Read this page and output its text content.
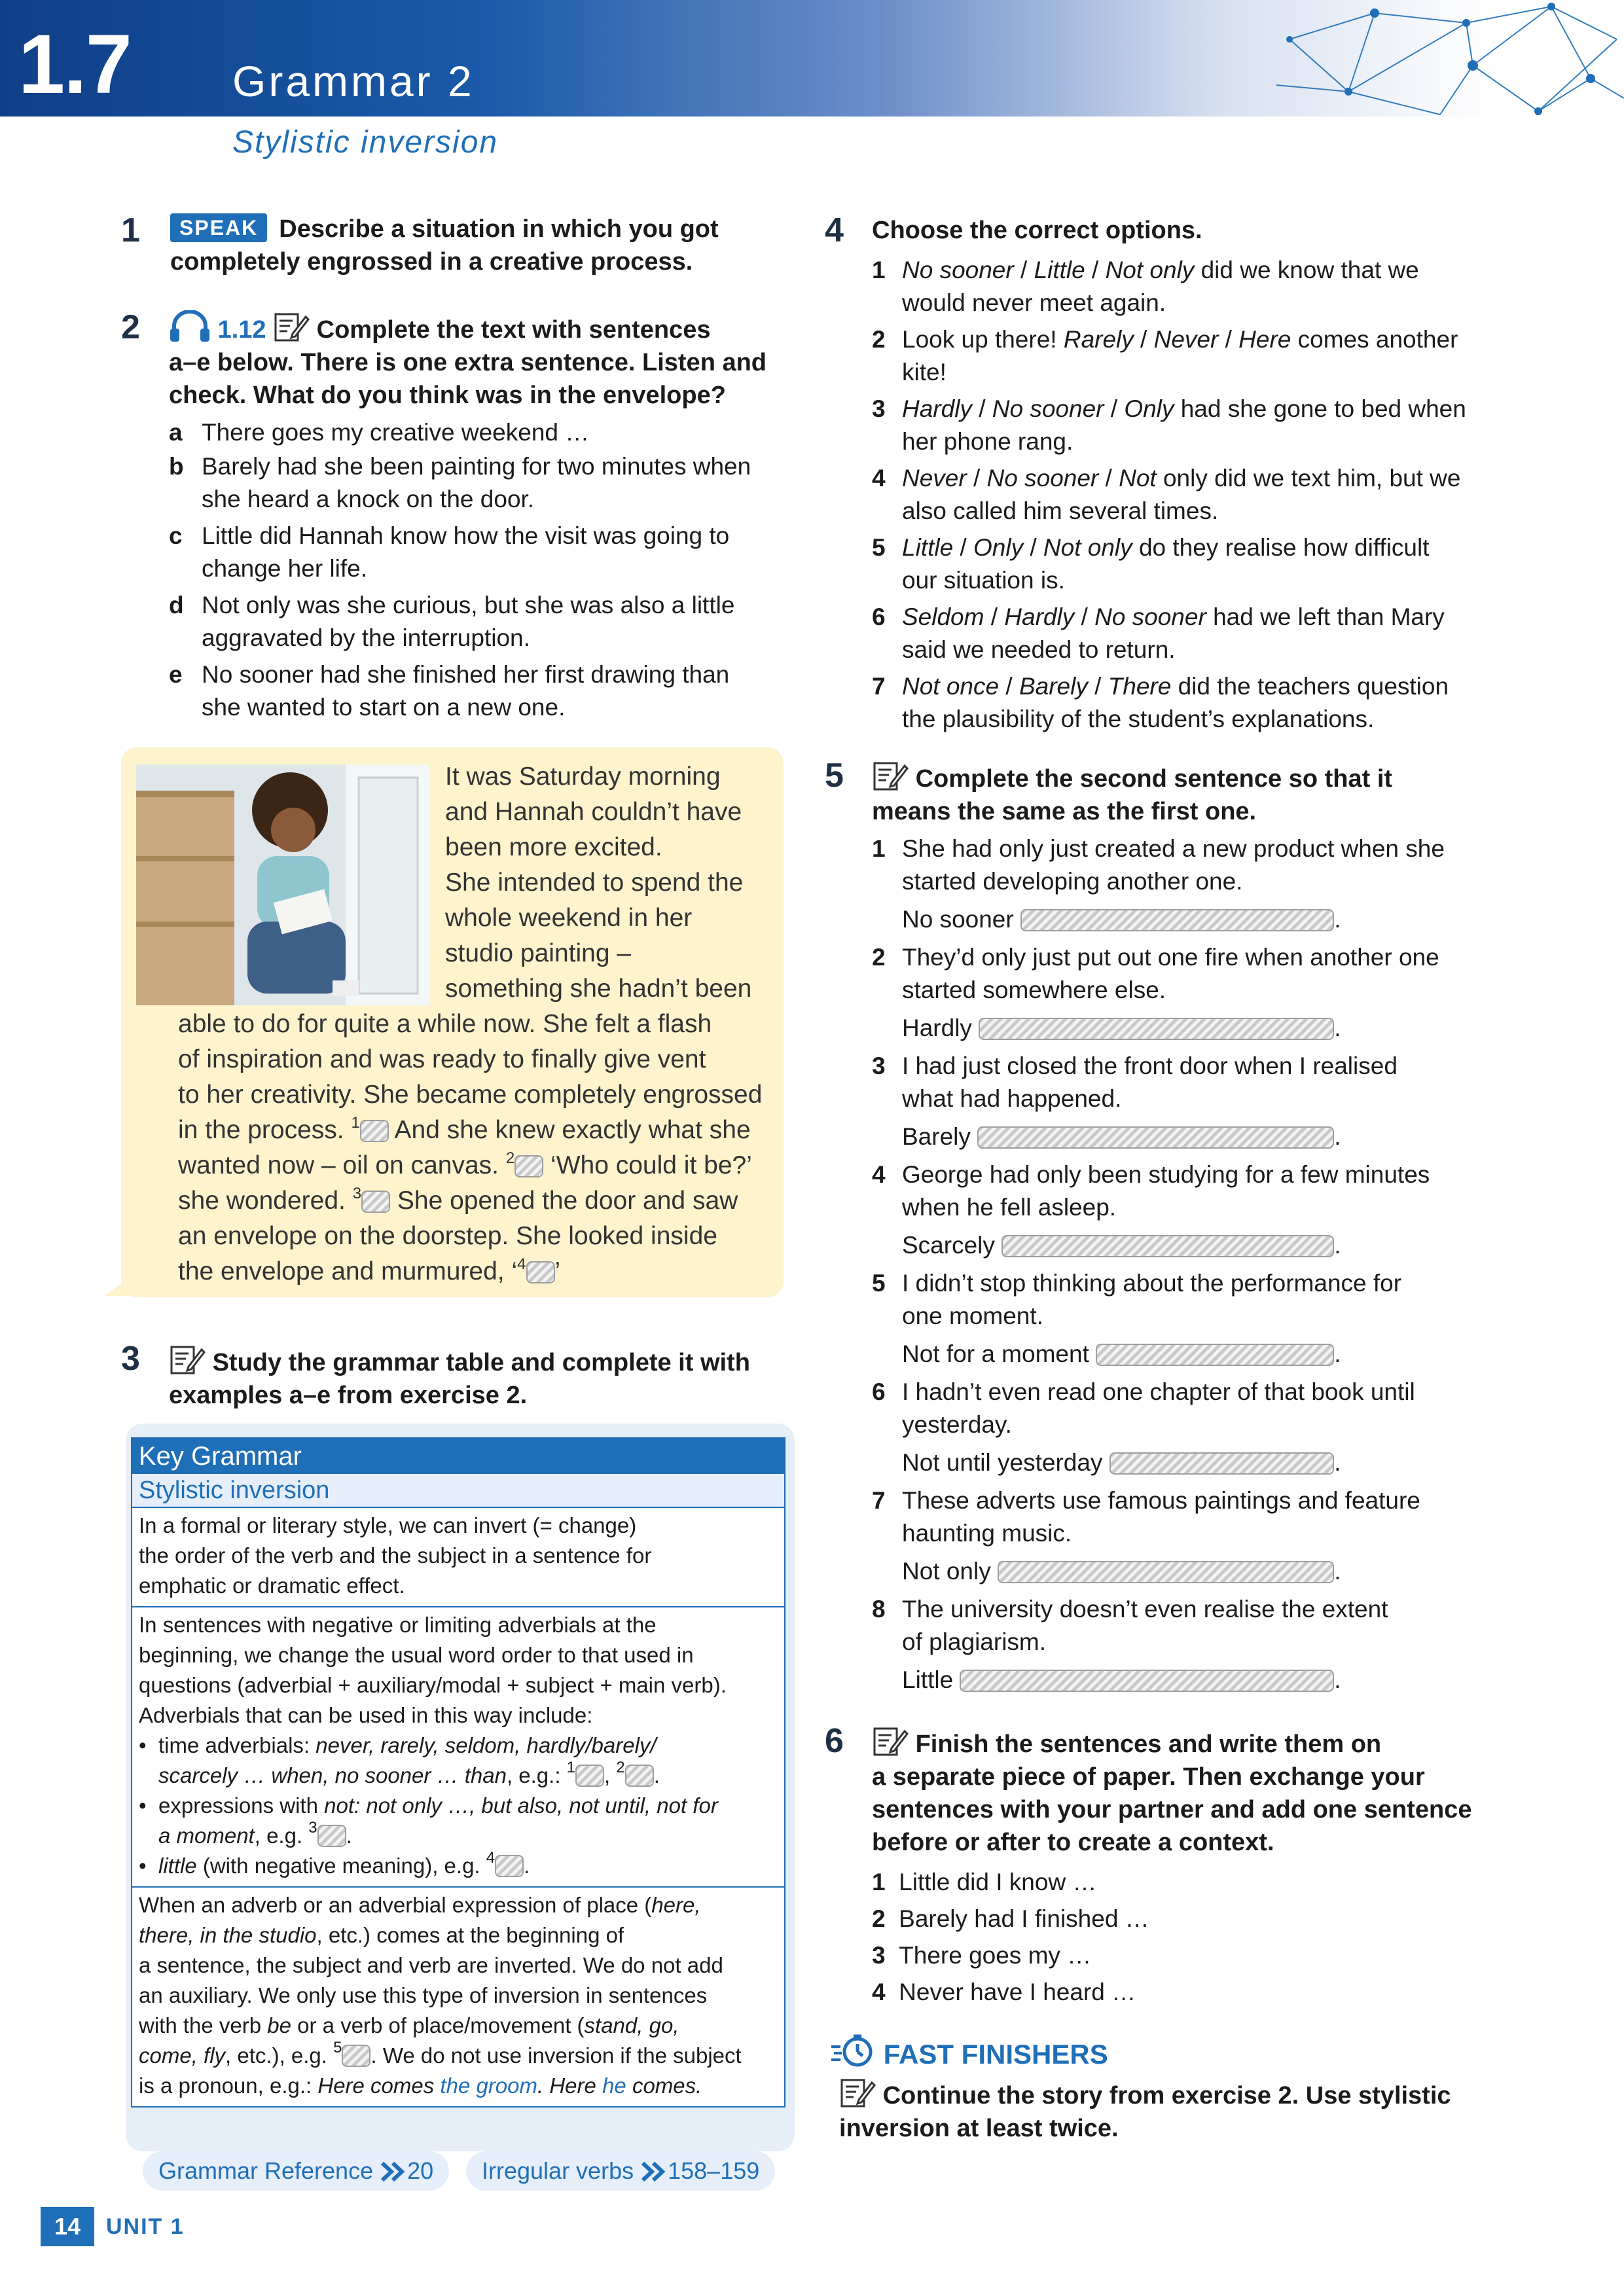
1.7 Grammar 2
Stylistic inversion
1	SPEAK Describe a situation in which you got
completely engrossed in a creative process.
2	1.12 Complete the text with sentences
a–e below. There is one extra sentence. Listen and
check. What do you think was in the envelope?
a There goes my creative weekend …
b Barely had she been painting for two minutes when
she heard a knock on the door.
c Little did Hannah know how the visit was going to
change her life.
d Not only was she curious, but she was also a little
aggravated by the interruption.
e No sooner had she finished her first drawing than
she wanted to start on a new one.
It was Saturday morning
and Hannah couldn’t have
been more excited.
She intended to spend the
whole weekend in her
studio painting –
something she hadn’t been
able to do for quite a while now. She felt a flash
of inspiration and was ready to finally give vent
to her creativity. She became completely engrossed
in the process. $^1$ And she knew exactly what she
wanted now – oil on canvas. $^2$ ‘Who could it be?’
she wondered. $^3$ She opened the door and saw
an envelope on the doorstep. She looked inside
the envelope and murmured, ‘$^4$ ’
3	Study the grammar table and complete it with
examples a–e from exercise 2.
Key Grammar
Stylistic inversion
In a formal or literary style, we can invert (= change)
the order of the verb and the subject in a sentence for
emphatic or dramatic effect.
In sentences with negative or limiting adverbials at the
beginning, we change the usual word order to that used in
questions (adverbial + auxiliary/modal + subject + main verb).
Adverbials that can be used in this way include:
• time adverbials: never, rarely, seldom, hardly/barely/
scarcely … when, no sooner … than, e.g.: $^1$ , $^2$ .
• expressions with not: not only …, but also, not until, not for
a moment, e.g. $^3$ .
• little (with negative meaning), e.g. $^4$ .
When an adverb or an adverbial expression of place (here,
there, in the studio, etc.) comes at the beginning of
a sentence, the subject and verb are inverted. We do not add
an auxiliary. We only use this type of inversion in sentences
with the verb be or a verb of place/movement (stand, go,
come, fly, etc.), e.g. $^5$ . We do not use inversion if the subject
is a pronoun, e.g.: Here comes the groom. Here he comes.
Grammar Reference 20	Irregular verbs 158–159
4 Choose the correct options.
1 No sooner / Little / Not only did we know that we
would never meet again.
2 Look up there! Rarely / Never / Here comes another
kite!
3 Hardly / No sooner / Only had she gone to bed when
her phone rang.
4 Never / No sooner / Not only did we text him, but we
also called him several times.
5 Little / Only / Not only do they realise how difficult
our situation is.
6 Seldom / Hardly / No sooner had we left than Mary
said we needed to return.
7 Not once / Barely / There did the teachers question
the plausibility of the student’s explanations.
5	Complete the second sentence so that it
means the same as the first one.
1 She had only just created a new product when she
started developing another one.
No sooner	.
2 They’d only just put out one fire when another one
started somewhere else.
Hardly	.
3 I had just closed the front door when I realised
what had happened.
Barely	.
4 George had only been studying for a few minutes
when he fell asleep.
Scarcely	.
5 I didn’t stop thinking about the performance for
one moment.
Not for a moment	.
6 I hadn’t even read one chapter of that book until
yesterday.
Not until yesterday	.
7 These adverts use famous paintings and feature
haunting music.
Not only	.
8 The university doesn’t even realise the extent
of plagiarism.
Little	.
6	Finish the sentences and write them on
a separate piece of paper. Then exchange your
sentences with your partner and add one sentence
before or after to create a context.
1 Little did I know …
2 Barely had I finished …
3 There goes my …
4 Never have I heard …
FAST FINISHERS
Continue the story from exercise 2. Use stylistic
inversion at least twice.
14	UNIT 1
